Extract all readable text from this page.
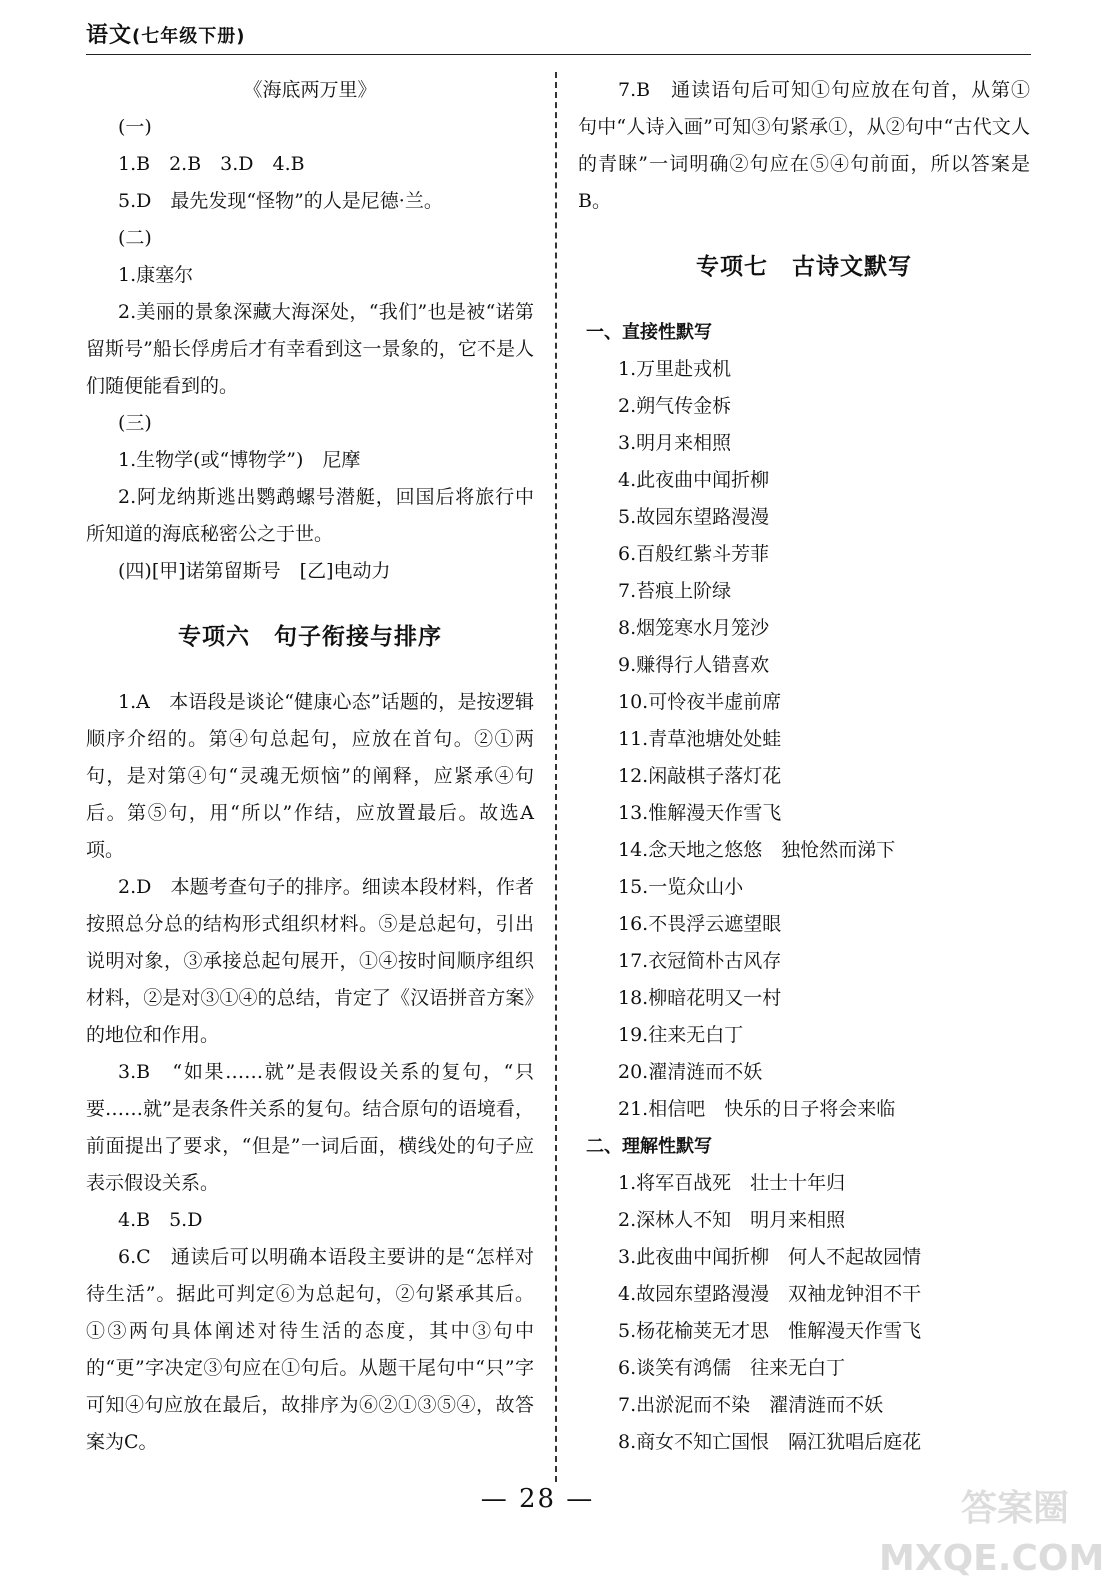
语文(七年级下册)
《海底两万里》
(一)
1.B　2.B　3.D　4.B
5.D　最先发现“怪物”的人是尼德·兰。
(二)
1.康塞尔
2.美丽的景象深藏大海深处，“我们”也是被“诺第留斯号”船长俘虏后才有幸看到这一景象的，它不是人们随便能看到的。
(三)
1.生物学(或“博物学”)　尼摩
2.阿龙纳斯逃出鹦鹉螺号潜艇，回国后将旅行中所知道的海底秘密公之于世。
(四)[甲]诺第留斯号　[乙]电动力
专项六　句子衔接与排序
1.A　本语段是谈论“健康心态”话题的，是按逻辑顺序介绍的。第④句总起句，应放在首句。②①两句，是对第④句“灵魂无烦恼”的阐释，应紧承④句后。第⑤句，用“所以”作结，应放置最后。故选A项。
2.D　本题考查句子的排序。细读本段材料，作者按照总分总的结构形式组织材料。⑤是总起句，引出说明对象，③承接总起句展开，①④按时间顺序组织材料，②是对③①④的总结，肯定了《汉语拼音方案》的地位和作用。
3.B　“如果……就”是表假设关系的复句，“只要……就”是表条件关系的复句。结合原句的语境看，前面提出了要求，“但是”一词后面，横线处的句子应表示假设关系。
4.B　5.D
6.C　通读后可以明确本语段主要讲的是“怎样对待生活”。据此可判定⑥为总起句，②句紧承其后。①③两句具体阐述对待生活的态度，其中③句中的“更”字决定③句应在①句后。从题干尾句中“只”字可知④句应放在最后，故排序为⑥②①③⑤④，故答案为C。
7.B　通读语句后可知①句应放在句首，从第①句中“人诗入画”可知③句紧承①，从②句中“古代文人的青睐”一词明确②句应在⑤④句前面，所以答案是B。
专项七　古诗文默写
一、直接性默写
1.万里赴戎机
2.朔气传金柝
3.明月来相照
4.此夜曲中闻折柳
5.故园东望路漫漫
6.百般红紫斗芳菲
7.苔痕上阶绿
8.烟笼寒水月笼沙
9.赚得行人错喜欢
10.可怜夜半虚前席
11.青草池塘处处蛙
12.闲敲棋子落灯花
13.惟解漫天作雪飞
14.念天地之悠悠　独怆然而涕下
15.一览众山小
16.不畏浮云遮望眼
17.衣冠简朴古风存
18.柳暗花明又一村
19.往来无白丁
20.濯清涟而不妖
21.相信吧　快乐的日子将会来临
二、理解性默写
1.将军百战死　壮士十年归
2.深林人不知　明月来相照
3.此夜曲中闻折柳　何人不起故园情
4.故园东望路漫漫　双袖龙钟泪不干
5.杨花榆荚无才思　惟解漫天作雪飞
6.谈笑有鸿儒　往来无白丁
7.出淤泥而不染　濯清涟而不妖
8.商女不知亡国恨　隔江犹唱后庭花
— 28 —	答案圈 MXQE.COM
